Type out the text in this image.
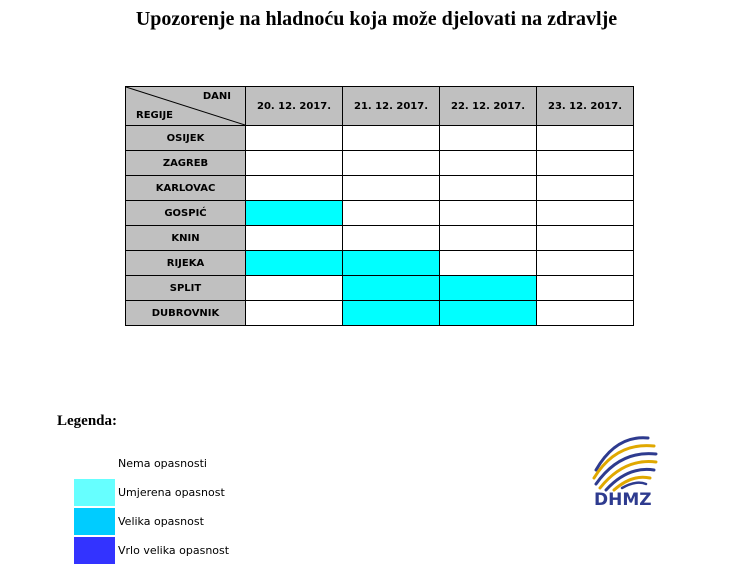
Upozorenje na hladnoću koja može djelovati na zdravlje
DANI
REGIJE	20. 12. 2017.	21. 12. 2017.	22. 12. 2017.	23. 12. 2017.
OSIJEK				
ZAGREB				
KARLOVAC				
GOSPIĆ				
KNIN				
RIJEKA				
SPLIT				
DUBROVNIK				
Legenda:
Nema opasnosti
Umjerena opasnost
Velika opasnost
Vrlo velika opasnost
DHMZ
